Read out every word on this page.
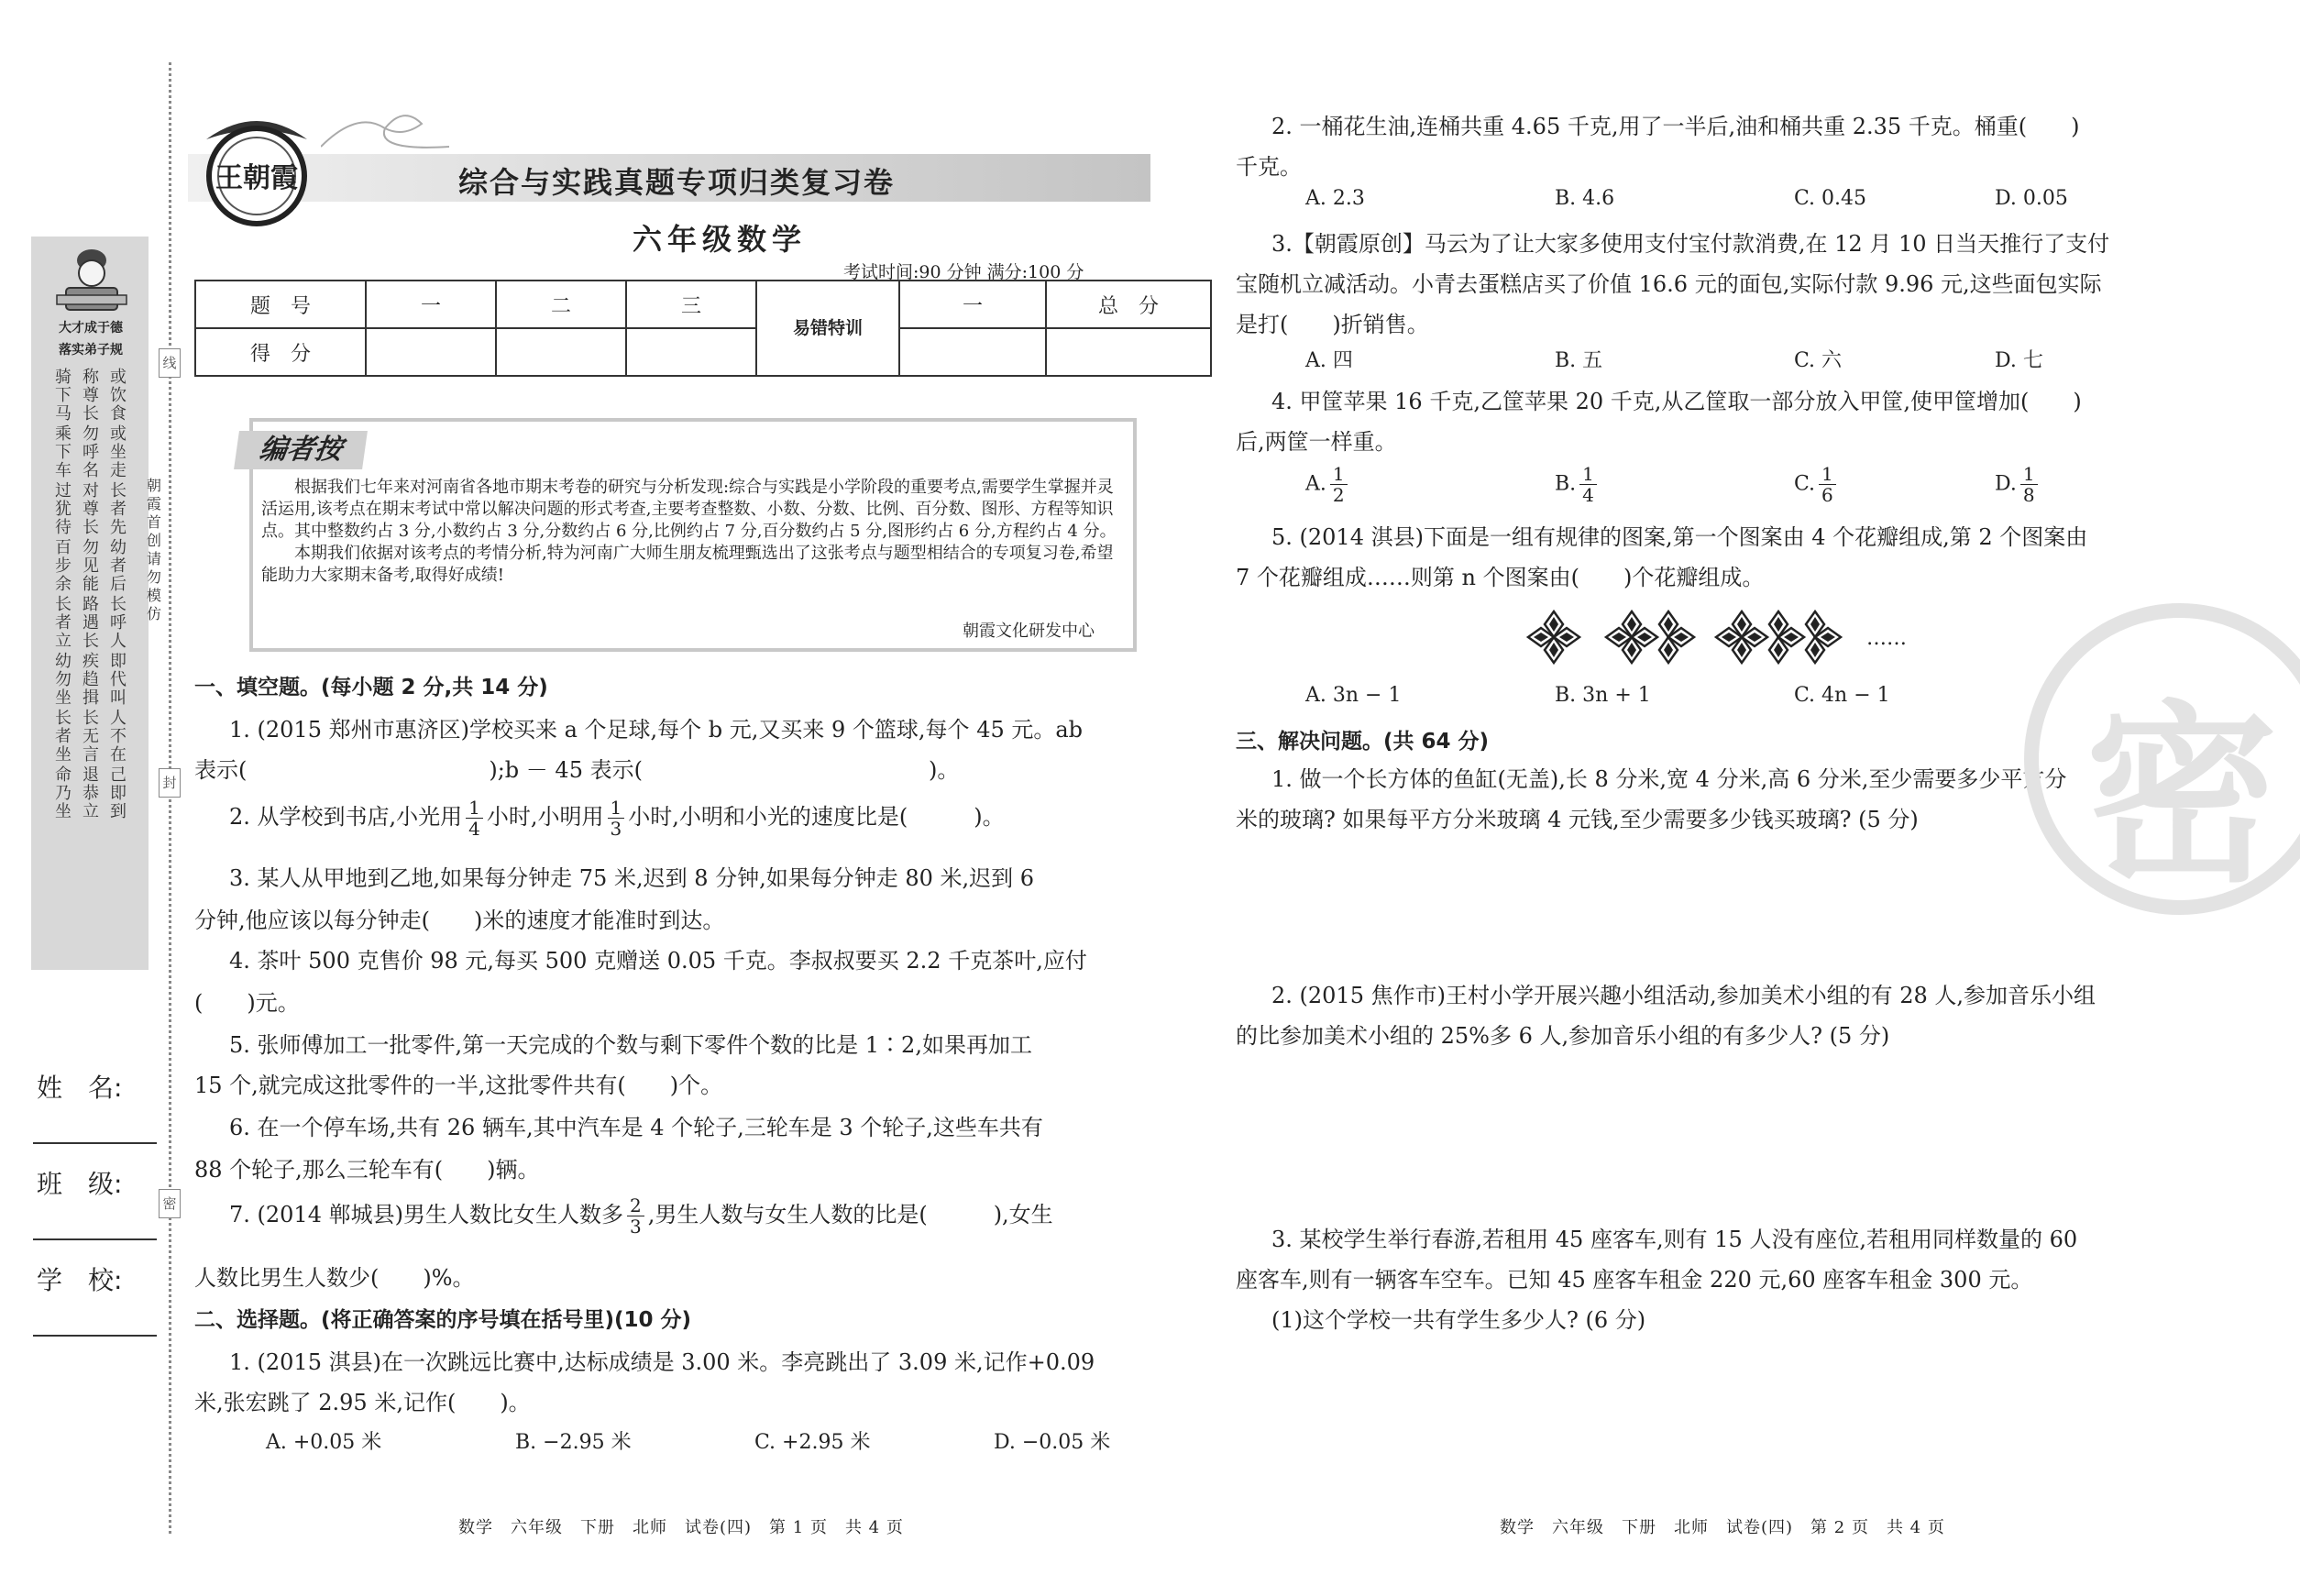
线
封
密
大才成于德
落实弟子规
骑下马
乘下车
过犹待
百步余
长者立
幼勿坐
长者坐
命乃坐
称尊长
勿呼名
对尊长
勿见能
路遇长
疾趋揖
长无言
退恭立
或饮食
或坐走
长者先
幼者后
长呼人
即代叫
人不在
己即到
朝霞首创请勿模仿
姓　名:
班　级:
学　校:
王朝霞	综合与实践真题专项归类复习卷
六年级数学
考试时间:90 分钟 满分:100 分
题　号	一	二	三	易错特训	一	总　分
得　分						
编者按
根据我们七年来对河南省各地市期末考卷的研究与分析发现:综合与实践是小学阶段的重要考点,需要学生掌握并灵活运用,该考点在期末考试中常以解决问题的形式考查,主要考查整数、小数、分数、比例、百分数、图形、方程等知识点。其中整数约占 3 分,小数约占 3 分,分数约占 6 分,比例约占 7 分,百分数约占 5 分,图形约占 6 分,方程约占 4 分。
本期我们依据对该考点的考情分析,特为河南广大师生朋友梳理甄选出了这张考点与题型相结合的专项复习卷,希望能助力大家期末备考,取得好成绩!
朝霞文化研发中心
一、填空题。(每小题 2 分,共 14 分)
1. (2015 郑州市惠济区)学校买来 a 个足球,每个 b 元,又买来 9 个篮球,每个 45 元。ab
表示(　　　　　　　　　　　);b － 45 表示(　　　　　　　　　　　　　)。
2. 从学校到书店,小光用 $\frac{1}{4}$ 小时,小明用 $\frac{1}{3}$ 小时,小明和小光的速度比是(　　　)。
3. 某人从甲地到乙地,如果每分钟走 75 米,迟到 8 分钟,如果每分钟走 80 米,迟到 6
分钟,他应该以每分钟走(　　)米的速度才能准时到达。
4. 茶叶 500 克售价 98 元,每买 500 克赠送 0.05 千克。李叔叔要买 2.2 千克茶叶,应付
(　　)元。
5. 张师傅加工一批零件,第一天完成的个数与剩下零件个数的比是 1∶2,如果再加工
15 个,就完成这批零件的一半,这批零件共有(　　)个。
6. 在一个停车场,共有 26 辆车,其中汽车是 4 个轮子,三轮车是 3 个轮子,这些车共有
88 个轮子,那么三轮车有(　　)辆。
7. (2014 郸城县)男生人数比女生人数多 $\frac{2}{3}$ ,男生人数与女生人数的比是(　　　),女生
人数比男生人数少(　　)%。
二、选择题。(将正确答案的序号填在括号里)(10 分)
1. (2015 淇县)在一次跳远比赛中,达标成绩是 3.00 米。李亮跳出了 3.09 米,记作+0.09
米,张宏跳了 2.95 米,记作(　　)。
A. +0.05 米	B. −2.95 米	C. +2.95 米	D. −0.05 米
数学　六年级　下册　北师　试卷(四)　第 1 页　共 4 页
2. 一桶花生油,连桶共重 4.65 千克,用了一半后,油和桶共重 2.35 千克。桶重(　　)
千克。
A. 2.3	B. 4.6	C. 0.45	D. 0.05
3.【朝霞原创】马云为了让大家多使用支付宝付款消费,在 12 月 10 日当天推行了支付
宝随机立减活动。小青去蛋糕店买了价值 16.6 元的面包,实际付款 9.96 元,这些面包实际
是打(　　)折销售。
A. 四	B. 五	C. 六	D. 七
4. 甲筐苹果 16 千克,乙筐苹果 20 千克,从乙筐取一部分放入甲筐,使甲筐增加(　　)
后,两筐一样重。
A. $\frac{1}{2}$	B. $\frac{1}{4}$	C. $\frac{1}{6}$	D. $\frac{1}{8}$
5. (2014 淇县)下面是一组有规律的图案,第一个图案由 4 个花瓣组成,第 2 个图案由
7 个花瓣组成……则第 n 个图案由(　　)个花瓣组成。
……
A. 3n − 1	B. 3n + 1	C. 4n − 1
三、解决问题。(共 64 分)
1. 做一个长方体的鱼缸(无盖),长 8 分米,宽 4 分米,高 6 分米,至少需要多少平方分
米的玻璃? 如果每平方分米玻璃 4 元钱,至少需要多少钱买玻璃? (5 分)
2. (2015 焦作市)王村小学开展兴趣小组活动,参加美术小组的有 28 人,参加音乐小组
的比参加美术小组的 25%多 6 人,参加音乐小组的有多少人? (5 分)
3. 某校学生举行春游,若租用 45 座客车,则有 15 人没有座位,若租用同样数量的 60
座客车,则有一辆客车空车。已知 45 座客车租金 220 元,60 座客车租金 300 元。
(1)这个学校一共有学生多少人? (6 分)
密
数学　六年级　下册　北师　试卷(四)　第 2 页　共 4 页
